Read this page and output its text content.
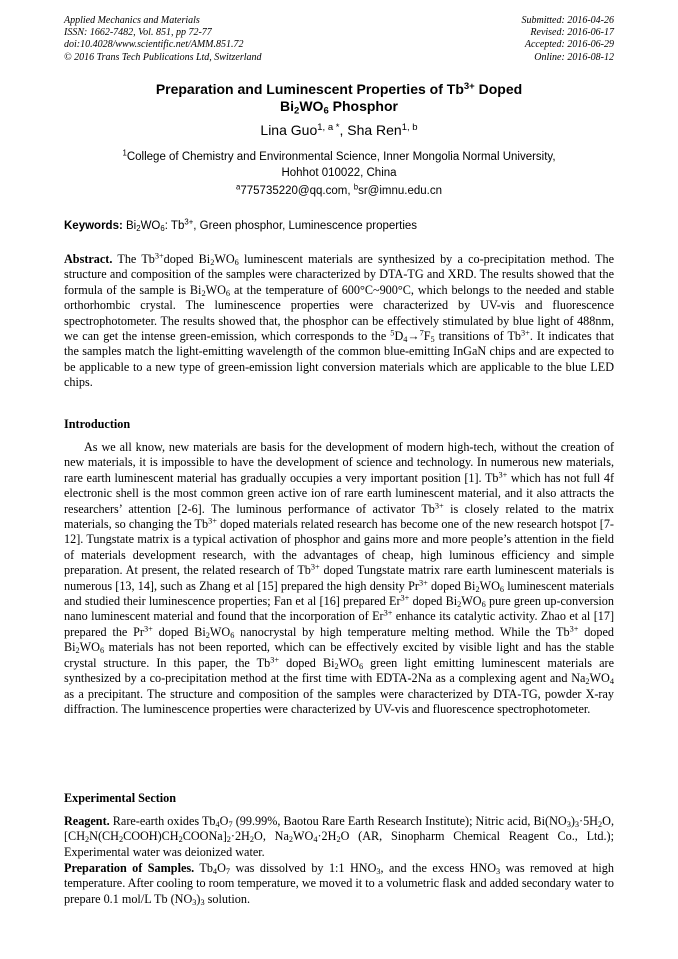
Applied Mechanics and Materials
ISSN: 1662-7482, Vol. 851, pp 72-77
doi:10.4028/www.scientific.net/AMM.851.72
© 2016 Trans Tech Publications Ltd, Switzerland
Submitted: 2016-04-26
Revised: 2016-06-17
Accepted: 2016-06-29
Online: 2016-08-12
Preparation and Luminescent Properties of $Tb^{3+}$ Doped
$Bi_2WO_6$ Phosphor
Lina Guo$^{1, a *}$, Sha Ren$^{1, b}$
$^1$College of Chemistry and Environmental Science, Inner Mongolia Normal University,
Hohhot 010022, China
$^a$775735220@qq.com, $^b$sr@imnu.edu.cn
Keywords: $Bi_2WO_6$: $Tb^{3+}$, Green phosphor, Luminescence properties
Abstract. The $Tb^{3+}doped$ $Bi_2WO_6$ luminescent materials are synthesized by a co-precipitation method. The structure and composition of the samples were characterized by DTA-TG and XRD. The results showed that the formula of the sample is $Bi_2WO_6$ at the temperature of 600°C~900°C, which belongs to the needed and stable orthorhombic crystal. The luminescence properties were characterized by UV-vis and fluorescence spectrophotometer. The results showed that, the phosphor can be effectively stimulated by blue light of 488nm, we can get the intense green-emission, which corresponds to the $^5D_4\to^7F_5$ transitions of $Tb^{3+}$. It indicates that the samples match the light-emitting wavelength of the common blue-emitting InGaN chips and are expected to be applicable to a new type of green-emission light conversion materials which are applicable to the blue LED chips.
Introduction
As we all know, new materials are basis for the development of modern high-tech, without the creation of new materials, it is impossible to have the development of science and technology. In numerous new materials, rare earth luminescent material has gradually occupies a very important position [1]. $Tb^{3+}$ which has not full 4f electronic shell is the most common green active ion of rare earth luminescent material, and it also attracts the researchers’ attention [2-6]. The luminous performance of activator $Tb^{3+}$ is closely related to the matrix materials, so changing the $Tb^{3+}$ doped materials related research has become one of the new research hotspot [7-12]. Tungstate matrix is a typical activation of phosphor and gains more and more people’s attention in the field of materials development research, with the advantages of cheap, high luminous efficiency and simple preparation. At present, the related research of $Tb^{3+}$ doped Tungstate matrix rare earth luminescent materials is numerous [13, 14], such as Zhang et al [15] prepared the high density $Pr^{3+}$ doped $Bi_2WO_6$ luminescent materials and studied their luminescence properties; Fan et al [16] prepared $Er^{3+}$ doped $Bi_2WO_6$ pure green up-conversion nano luminescent material and found that the incorporation of $Er^{3+}$ enhance its catalytic activity. Zhao et al [17] prepared the $Pr^{3+}$ doped $Bi_2WO_6$ nanocrystal by high temperature melting method. While the $Tb^{3+}$ doped $Bi_2WO_6$ materials has not been reported, which can be effectively excited by visible light and has the stable crystal structure. In this paper, the $Tb^{3+}$ doped $Bi_2WO_6$ green light emitting luminescent materials are synthesized by a co-precipitation method at the first time with EDTA-2Na as a complexing agent and $Na_2WO_4$ as a precipitant. The structure and composition of the samples were characterized by DTA-TG, powder X-ray diffraction. The luminescence properties were characterized by UV-vis and fluorescence spectrophotometer.
Experimental Section
Reagent. Rare-earth oxides $Tb_4O_7$ (99.99%, Baotou Rare Earth Research Institute); Nitric acid, $Bi(NO_3)_3\cdot 5H_2O$, $[CH_2N(CH_2COOH)CH_2COONa]_2\cdot 2H_2O$, $Na_2WO_4\cdot 2H_2O$ (AR, Sinopharm Chemical Reagent Co., Ltd.); Experimental water was deionized water.
Preparation of Samples. $Tb_4O_7$ was dissolved by 1:1 $HNO_3$, and the excess $HNO_3$ was removed at high temperature. After cooling to room temperature, we moved it to a volumetric flask and added secondary water to prepare 0.1 mol/L Tb $(NO_3)_3$ solution.
